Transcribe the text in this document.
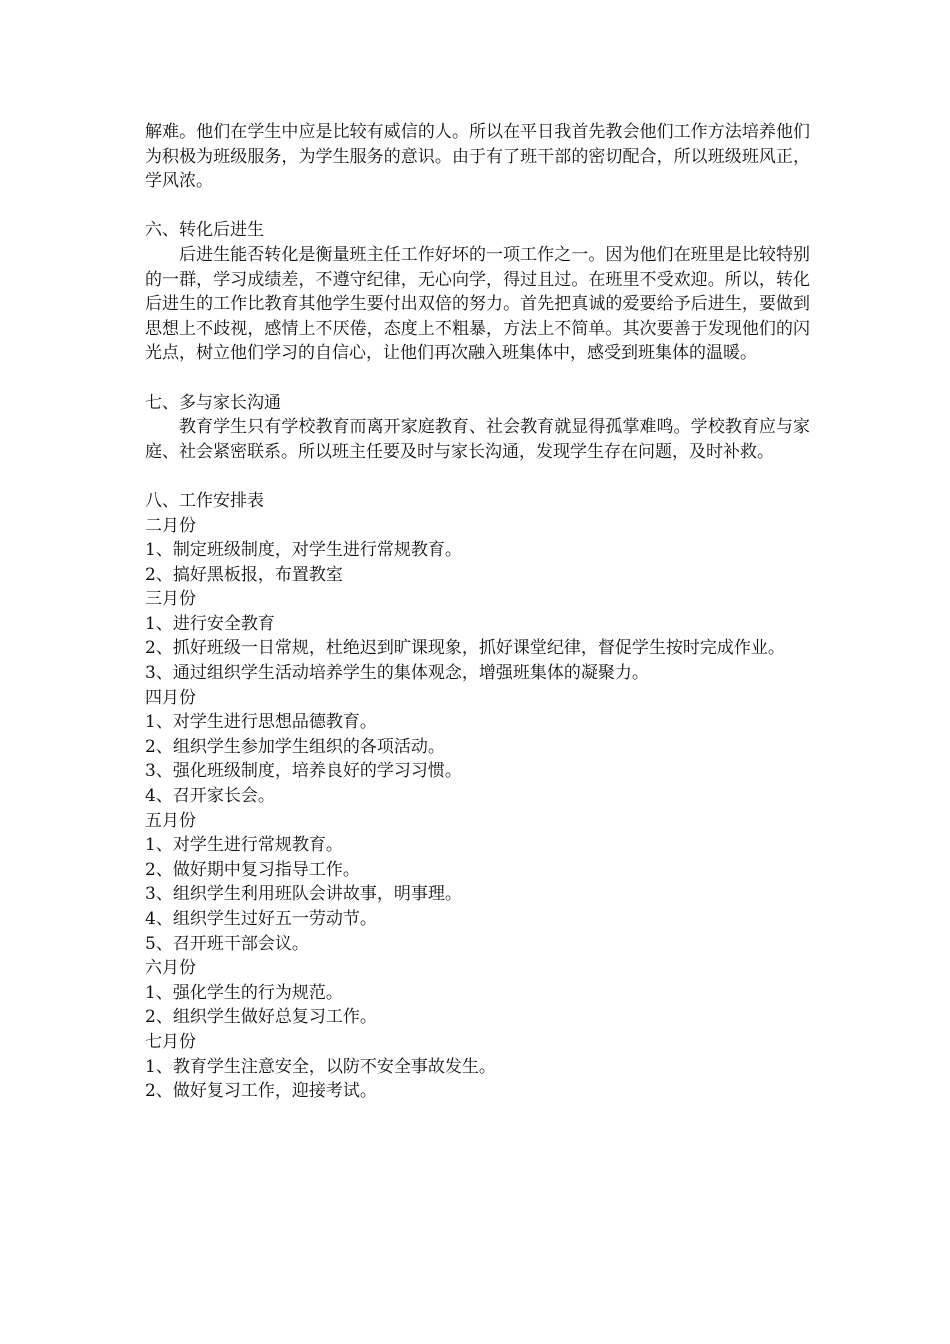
解难。他们在学生中应是比较有威信的人。所以在平日我首先教会他们工作方法培养他们为积极为班级服务，为学生服务的意识。由于有了班干部的密切配合，所以班级班风正，学风浓。

六、转化后进生

后进生能否转化是衡量班主任工作好坏的一项工作之一。因为他们在班里是比较特别的一群，学习成绩差，不遵守纪律，无心向学，得过且过。在班里不受欢迎。所以，转化后进生的工作比教育其他学生要付出双倍的努力。首先把真诚的爱要给予后进生，要做到思想上不歧视，感情上不厌倦，态度上不粗暴，方法上不简单。其次要善于发现他们的闪光点，树立他们学习的自信心，让他们再次融入班集体中，感受到班集体的温暖。

七、多与家长沟通

教育学生只有学校教育而离开家庭教育、社会教育就显得孤掌难鸣。学校教育应与家庭、社会紧密联系。所以班主任要及时与家长沟通，发现学生存在问题，及时补救。

八、工作安排表

二月份

1、制定班级制度，对学生进行常规教育。

2、搞好黑板报，布置教室

三月份

1、进行安全教育

2、抓好班级一日常规，杜绝迟到旷课现象，抓好课堂纪律，督促学生按时完成作业。

3、通过组织学生活动培养学生的集体观念，增强班集体的凝聚力。

四月份

1、对学生进行思想品德教育。

2、组织学生参加学生组织的各项活动。

3、强化班级制度，培养良好的学习习惯。

4、召开家长会。

五月份

1、对学生进行常规教育。

2、做好期中复习指导工作。

3、组织学生利用班队会讲故事，明事理。

4、组织学生过好五一劳动节。

5、召开班干部会议。

六月份

1、强化学生的行为规范。

2、组织学生做好总复习工作。

七月份

1、教育学生注意安全，以防不安全事故发生。

2、做好复习工作，迎接考试。
